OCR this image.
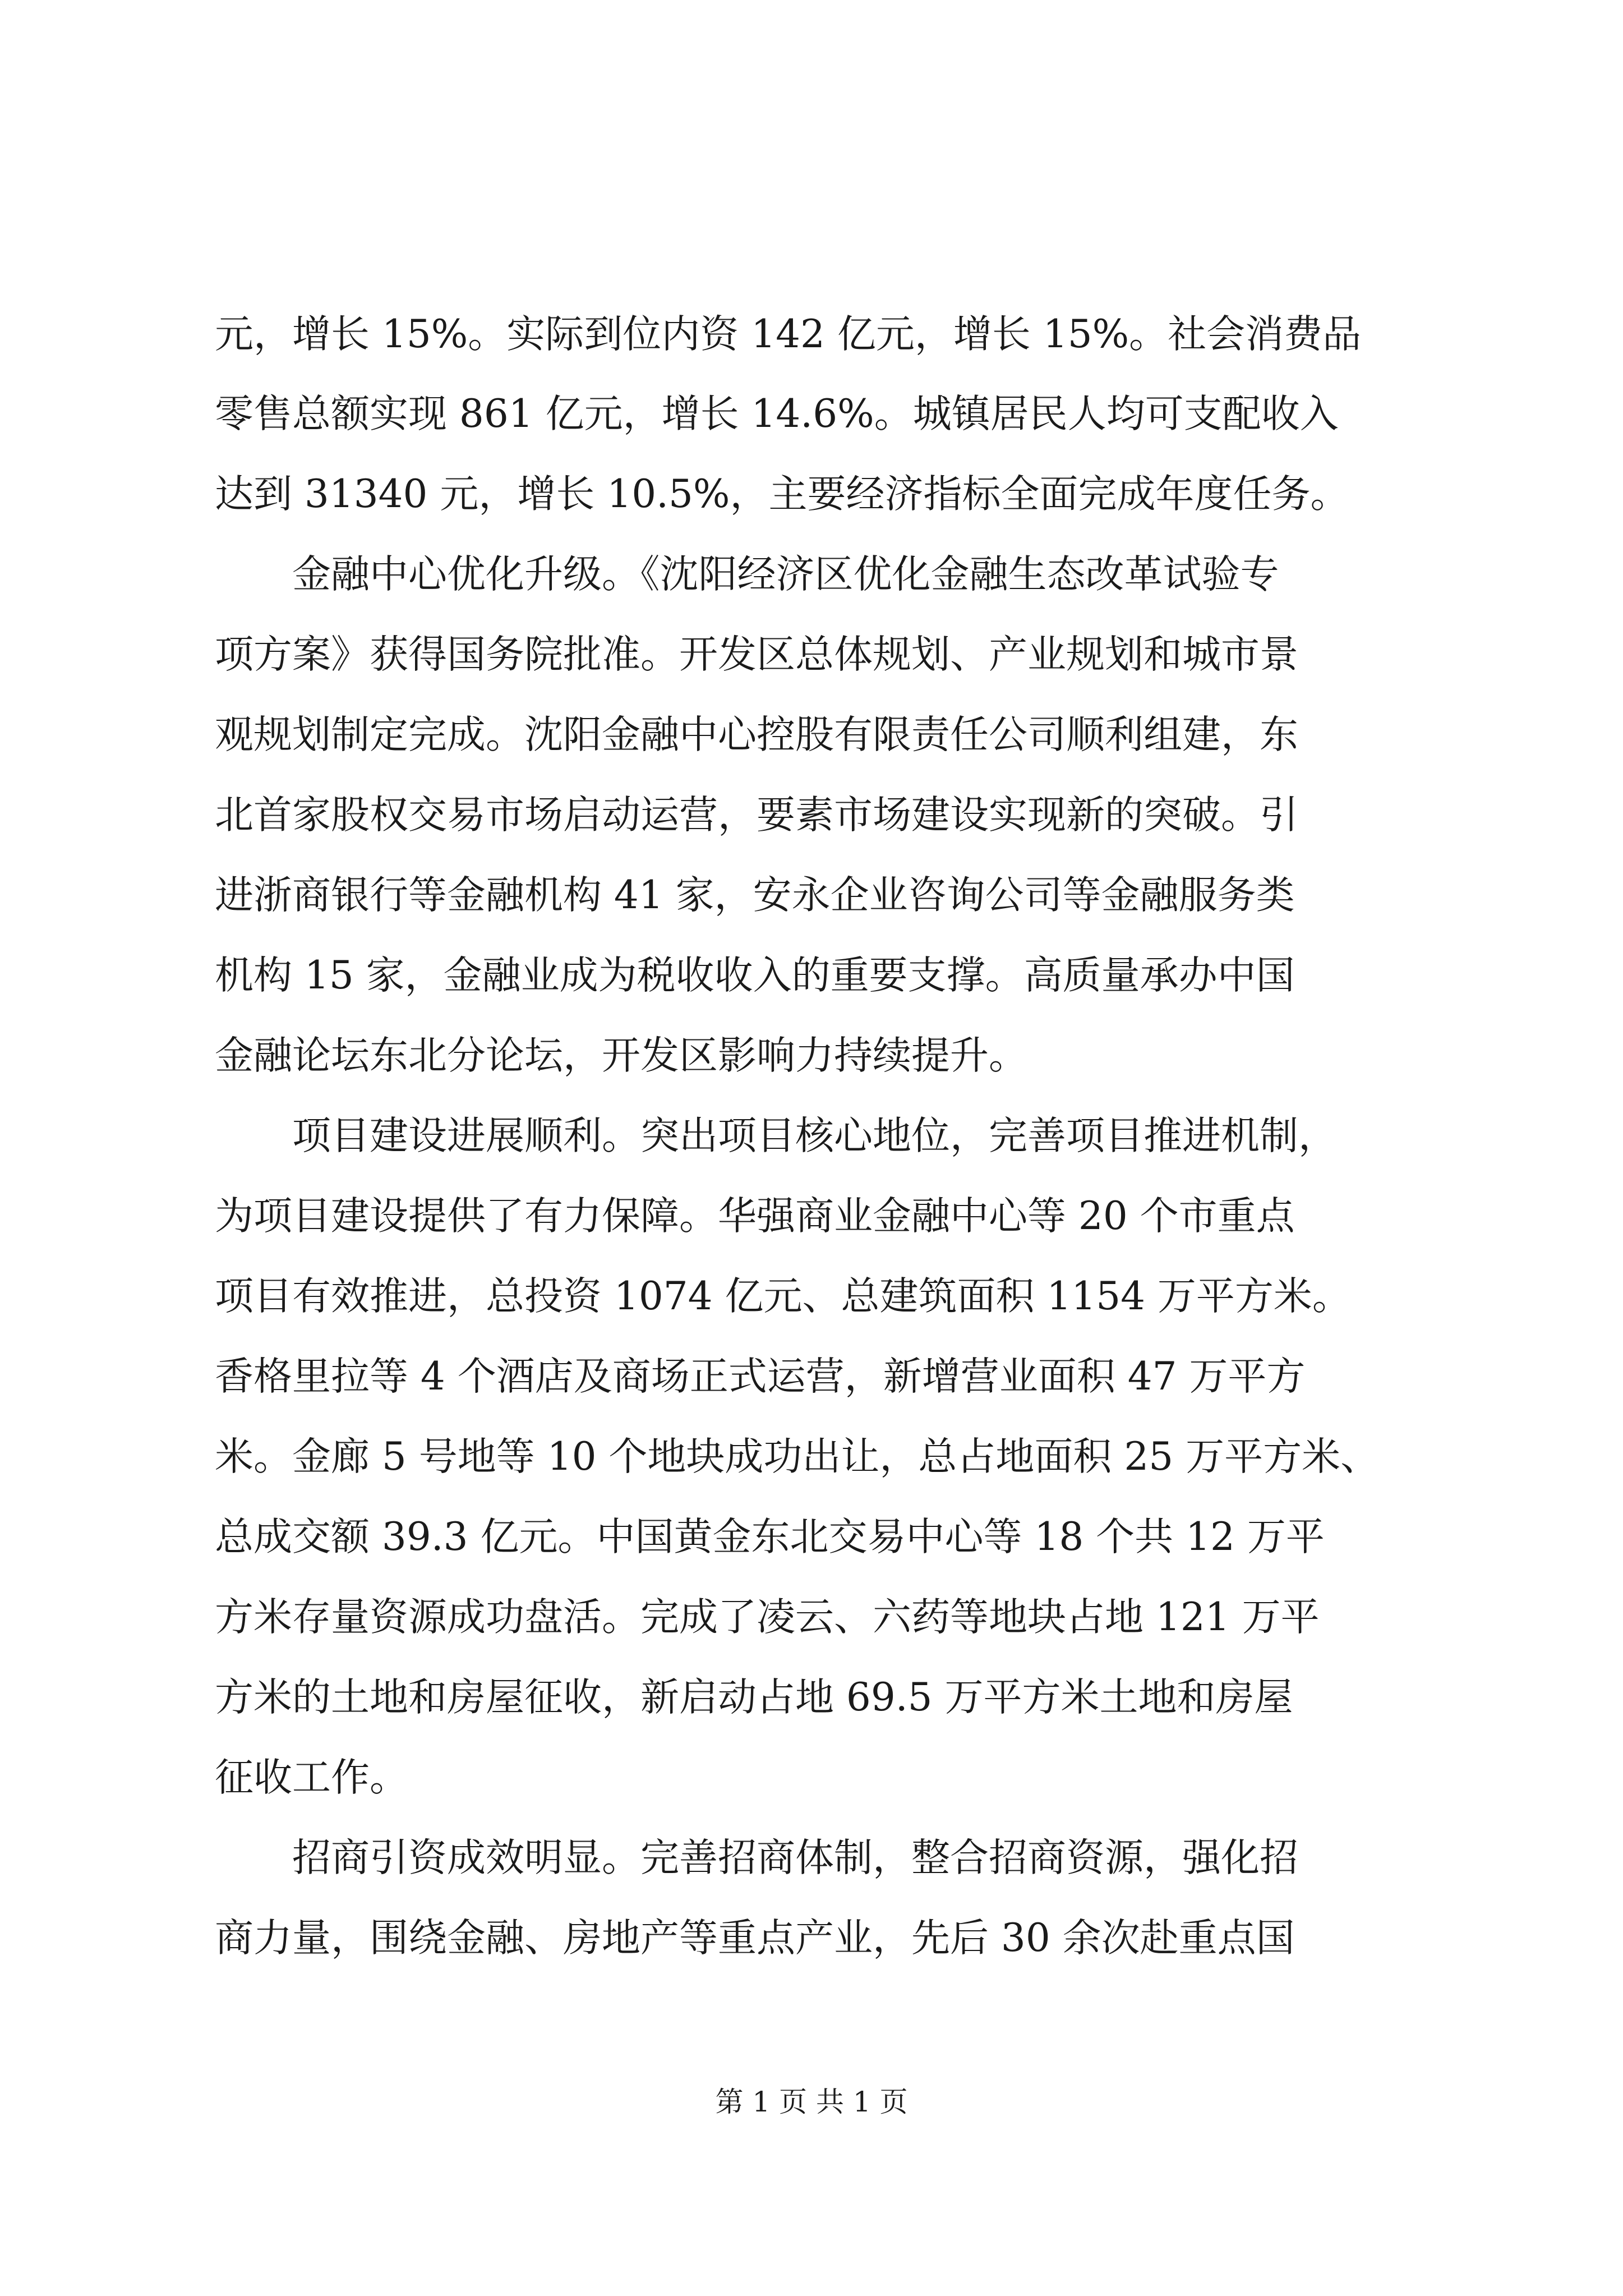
元，增长 15%。实际到位内资 142 亿元，增长 15%。社会消费品
零售总额实现 861 亿元，增长 14.6%。城镇居民人均可支配收入
达到 31340 元，增长 10.5%，主要经济指标全面完成年度任务。
　　金融中心优化升级。《沈阳经济区优化金融生态改革试验专
项方案》获得国务院批准。开发区总体规划、产业规划和城市景
观规划制定完成。沈阳金融中心控股有限责任公司顺利组建，东
北首家股权交易市场启动运营，要素市场建设实现新的突破。引
进浙商银行等金融机构 41 家，安永企业咨询公司等金融服务类
机构 15 家，金融业成为税收收入的重要支撑。高质量承办中国
金融论坛东北分论坛，开发区影响力持续提升。
　　项目建设进展顺利。突出项目核心地位，完善项目推进机制，
为项目建设提供了有力保障。华强商业金融中心等 20 个市重点
项目有效推进，总投资 1074 亿元、总建筑面积 1154 万平方米。
香格里拉等 4 个酒店及商场正式运营，新增营业面积 47 万平方
米。金廊 5 号地等 10 个地块成功出让，总占地面积 25 万平方米、
总成交额 39.3 亿元。中国黄金东北交易中心等 18 个共 12 万平
方米存量资源成功盘活。完成了凌云、六药等地块占地 121 万平
方米的土地和房屋征收，新启动占地 69.5 万平方米土地和房屋
征收工作。
　　招商引资成效明显。完善招商体制，整合招商资源，强化招
商力量，围绕金融、房地产等重点产业，先后 30 余次赴重点国
第 1 页 共 1 页
